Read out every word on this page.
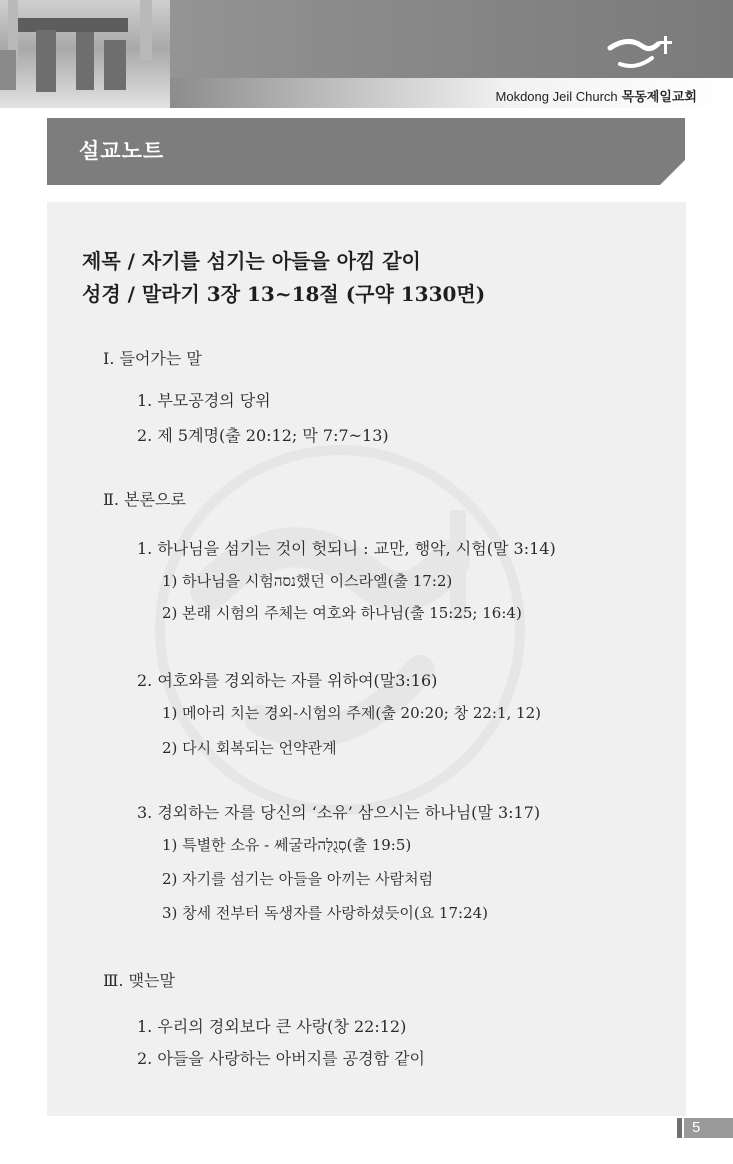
Mokdong Jeil Church 목동제일교회
설교노트
제목 / 자기를 섬기는 아들을 아낌 같이
성경 / 말라기 3장 13~18절 (구약 1330면)
Ⅰ. 들어가는 말
1. 부모공경의 당위
2. 제 5계명(출 20:12; 막 7:7~13)
Ⅱ. 본론으로
1. 하나님을 섬기는 것이 헛되니 : 교만, 행악, 시험(말 3:14)
1) 하나님을 시험נסה했던 이스라엘(출 17:2)
2) 본래 시험의 주체는 여호와 하나님(출 15:25; 16:4)
2. 여호와를 경외하는 자를 위하여(말3:16)
1) 메아리 치는 경외-시험의 주제(출 20:20; 창 22:1, 12)
2) 다시 회복되는 언약관계
3. 경외하는 자를 당신의 ‘소유’ 삼으시는 하나님(말 3:17)
1) 특별한 소유 - 쎄굴라סְגֻלָּה(출 19:5)
2) 자기를 섬기는 아들을 아끼는 사람처럼
3) 창세 전부터 독생자를 사랑하셨듯이(요 17:24)
Ⅲ. 맺는말
1. 우리의 경외보다 큰 사랑(창 22:12)
2. 아들을 사랑하는 아버지를 공경함 같이
5
